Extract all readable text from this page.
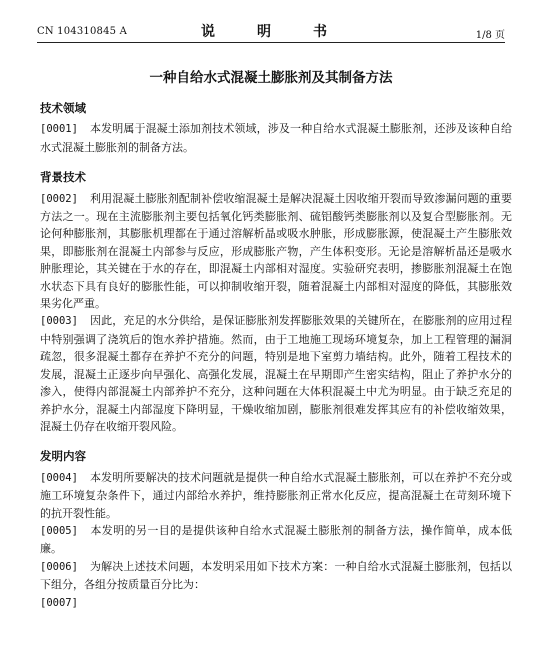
CN 104310845 A	说　明　书	1/8 页
一种自给水式混凝土膨胀剂及其制备方法
技术领域

[0001] 本发明属于混凝土添加剂技术领域，涉及一种自给水式混凝土膨胀剂，还涉及该种自给水式混凝土膨胀剂的制备方法。

背景技术

[0002] 利用混凝土膨胀剂配制补偿收缩混凝土是解决混凝土因收缩开裂而导致渗漏问题的重要方法之一。现在主流膨胀剂主要包括氧化钙类膨胀剂、硫铝酸钙类膨胀剂以及复合型膨胀剂。无论何种膨胀剂，其膨胀机理都在于通过溶解析晶或吸水肿胀，形成膨胀源，使混凝土产生膨胀效果，即膨胀剂在混凝土内部参与反应，形成膨胀产物，产生体积变形。无论是溶解析晶还是吸水肿胀理论，其关键在于水的存在，即混凝土内部相对湿度。实验研究表明，掺膨胀剂混凝土在饱水状态下具有良好的膨胀性能，可以抑制收缩开裂，随着混凝土内部相对湿度的降低，其膨胀效果劣化严重。

[0003] 因此，充足的水分供给，是保证膨胀剂发挥膨胀效果的关键所在，在膨胀剂的应用过程中特别强调了浇筑后的饱水养护措施。然而，由于工地施工现场环境复杂，加上工程管理的漏洞疏忽，很多混凝土都存在养护不充分的问题，特别是地下室剪力墙结构。此外，随着工程技术的发展，混凝土正逐步向早强化、高强化发展，混凝土在早期即产生密实结构，阻止了养护水分的渗入，使得内部混凝土内部养护不充分，这种问题在大体积混凝土中尤为明显。由于缺乏充足的养护水分，混凝土内部湿度下降明显，干燥收缩加剧，膨胀剂很难发挥其应有的补偿收缩效果，混凝土仍存在收缩开裂风险。

发明内容

[0004] 本发明所要解决的技术问题就是提供一种自给水式混凝土膨胀剂，可以在养护不充分或施工环境复杂条件下，通过内部给水养护，维持膨胀剂正常水化反应，提高混凝土在苛刻环境下的抗开裂性能。

[0005] 本发明的另一目的是提供该种自给水式混凝土膨胀剂的制备方法，操作简单，成本低廉。

[0006] 为解决上述技术问题，本发明采用如下技术方案：一种自给水式混凝土膨胀剂，包括以下组分，各组分按质量百分比为：

[0007]
